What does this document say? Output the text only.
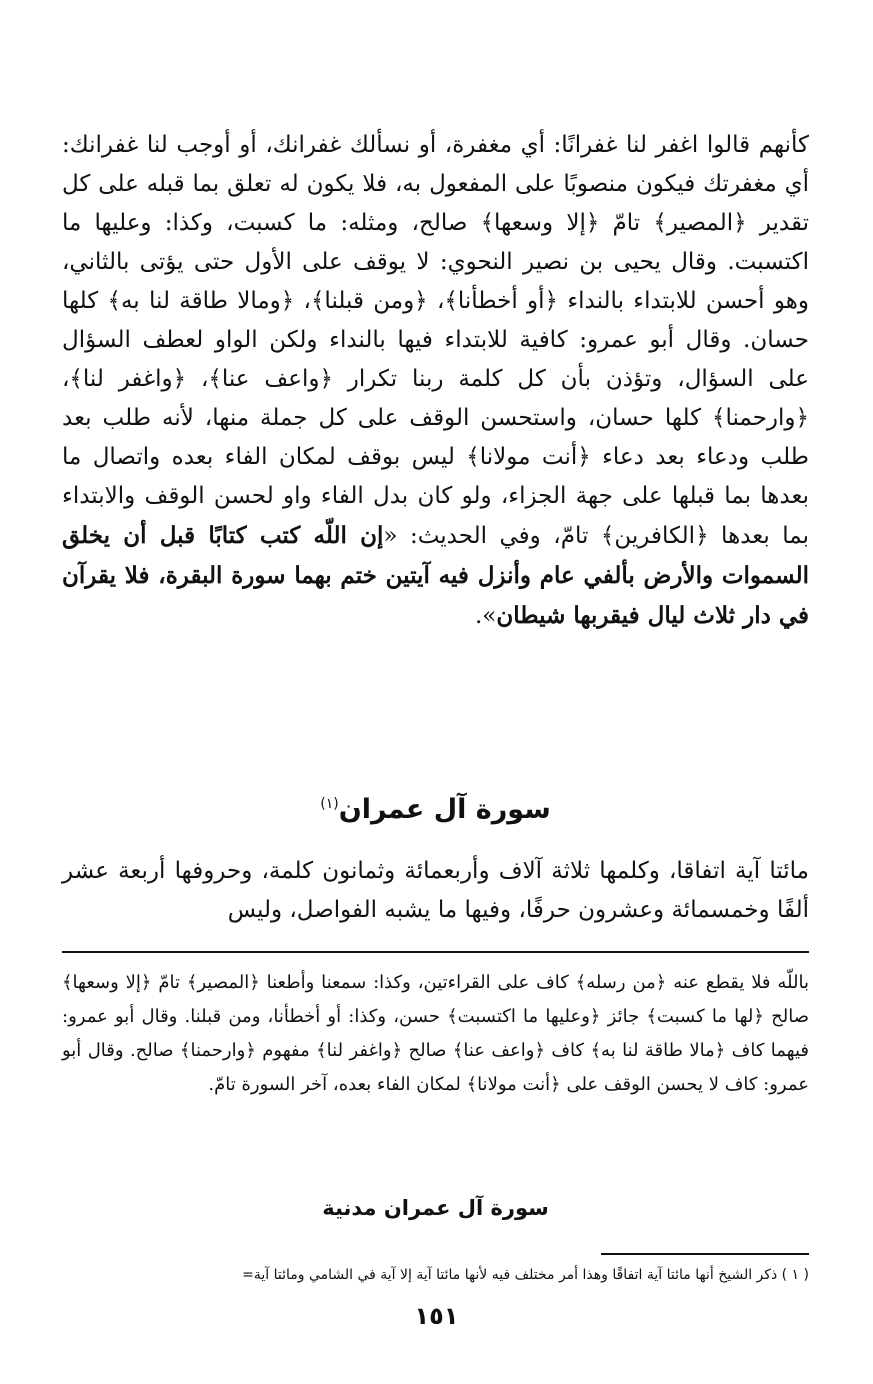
كأنهم قالوا اغفر لنا غفرانًا: أي مغفرة، أو نسألك غفرانك، أو أوجب لنا غفرانك: أي مغفرتك فيكون منصوبًا على المفعول به، فلا يكون له تعلق بما قبله على كل تقدير ﴿المصير﴾ تامّ ﴿إلا وسعها﴾ صالح، ومثله: ما كسبت، وكذا: وعليها ما اكتسبت. وقال يحيى بن نصير النحوي: لا يوقف على الأول حتى يؤتى بالثاني، وهو أحسن للابتداء بالنداء ﴿أو أخطأنا﴾، ﴿ومن قبلنا﴾، ﴿ومالا طاقة لنا به﴾ كلها حسان. وقال أبو عمرو: كافية للابتداء فيها بالنداء ولكن الواو لعطف السؤال على السؤال، وتؤذن بأن كل كلمة ربنا تكرار ﴿واعف عنا﴾، ﴿واغفر لنا﴾، ﴿وارحمنا﴾ كلها حسان، واستحسن الوقف على كل جملة منها، لأنه طلب بعد طلب ودعاء بعد دعاء ﴿أنت مولانا﴾ ليس بوقف لمكان الفاء بعده واتصال ما بعدها بما قبلها على جهة الجزاء، ولو كان بدل الفاء واو لحسن الوقف والابتداء بما بعدها ﴿الكافرين﴾ تامّ، وفي الحديث: «إن اللّه كتب كتابًا قبل أن يخلق السموات والأرض بألفي عام وأنزل فيه آيتين ختم بهما سورة البقرة، فلا يقرآن في دار ثلاث ليال فيقربها شيطان».

سورة آل عمران$^{(١)}$

مائتا آية اتفاقا، وكلمها ثلاثة آلاف وأربعمائة وثمانون كلمة، وحروفها أربعة عشر ألفًا وخمسمائة وعشرون حرفًا، وفيها ما يشبه الفواصل، وليس

باللّه فلا يقطع عنه ﴿من رسله﴾ كاف على القراءتين، وكذا: سمعنا وأطعنا ﴿المصير﴾ تامّ ﴿إلا وسعها﴾ صالح ﴿لها ما كسبت﴾ جائز ﴿وعليها ما اكتسبت﴾ حسن، وكذا: أو أخطأنا، ومن قبلنا. وقال أبو عمرو: فيهما كاف ﴿مالا طاقة لنا به﴾ كاف ﴿واعف عنا﴾ صالح ﴿واغفر لنا﴾ مفهوم ﴿وارحمنا﴾ صالح. وقال أبو عمرو: كاف لا يحسن الوقف على ﴿أنت مولانا﴾ لمكان الفاء بعده، آخر السورة تامّ.

سورة آل عمران مدنية

( ١ ) ذكر الشيخ أنها مائتا آية اتفاقًا وهذا أمر مختلف فيه لأنها مائتا آية إلا آية في الشامي ومائتا آية=

١٥١
